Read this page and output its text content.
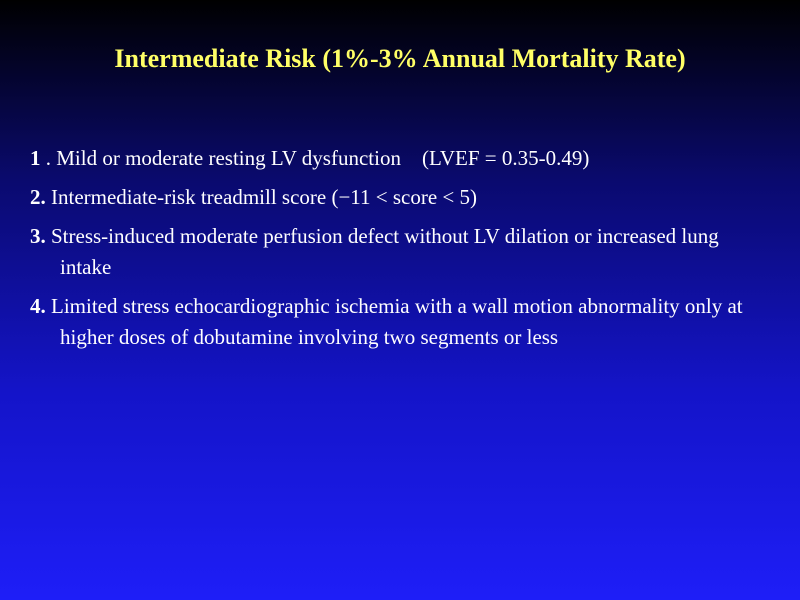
Intermediate Risk (1%-3% Annual Mortality Rate)
1 . Mild or moderate resting LV dysfunction    (LVEF = 0.35-0.49)
2. Intermediate-risk treadmill score (−11 < score < 5)
3. Stress-induced moderate perfusion defect without LV dilation or increased lung intake
4. Limited stress echocardiographic ischemia with a wall motion abnormality only at higher doses of dobutamine involving two segments or less
